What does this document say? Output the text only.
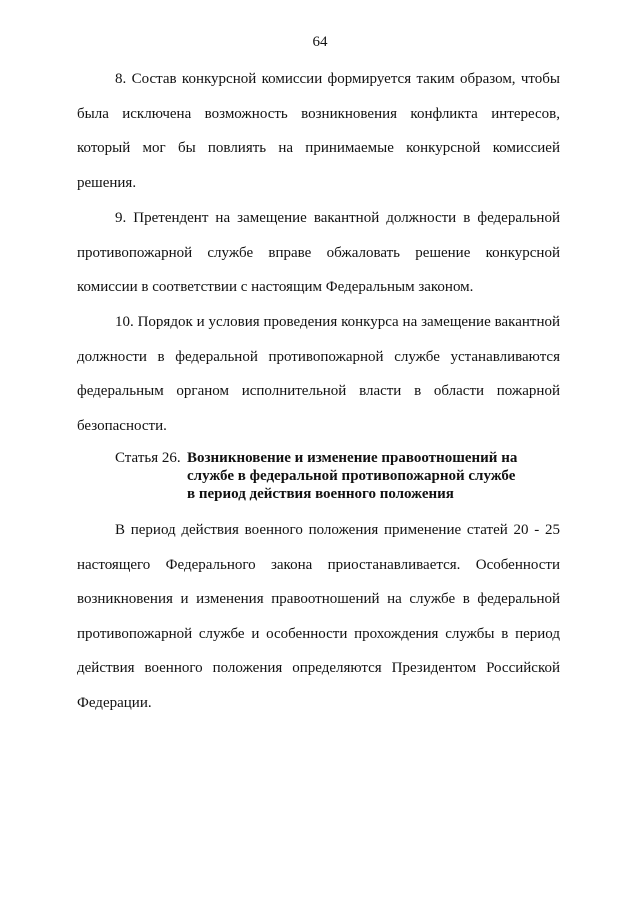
64

8. Состав конкурсной комиссии формируется таким образом, чтобы была исключена возможность возникновения конфликта интересов, который мог бы повлиять на принимаемые конкурсной комиссией решения.

9. Претендент на замещение вакантной должности в федеральной противопожарной службе вправе обжаловать решение конкурсной комиссии в соответствии с настоящим Федеральным законом.

10. Порядок и условия проведения конкурса на замещение вакантной должности в федеральной противопожарной службе устанавливаются федеральным органом исполнительной власти в области пожарной безопасности.

Статья 26. Возникновение и изменение правоотношений на
службе в федеральной противопожарной службе
в период действия военного положения

В период действия военного положения применение статей 20 - 25 настоящего Федерального закона приостанавливается. Особенности возникновения и изменения правоотношений на службе в федеральной противопожарной службе и особенности прохождения службы в период действия военного положения определяются Президентом Российской Федерации.
